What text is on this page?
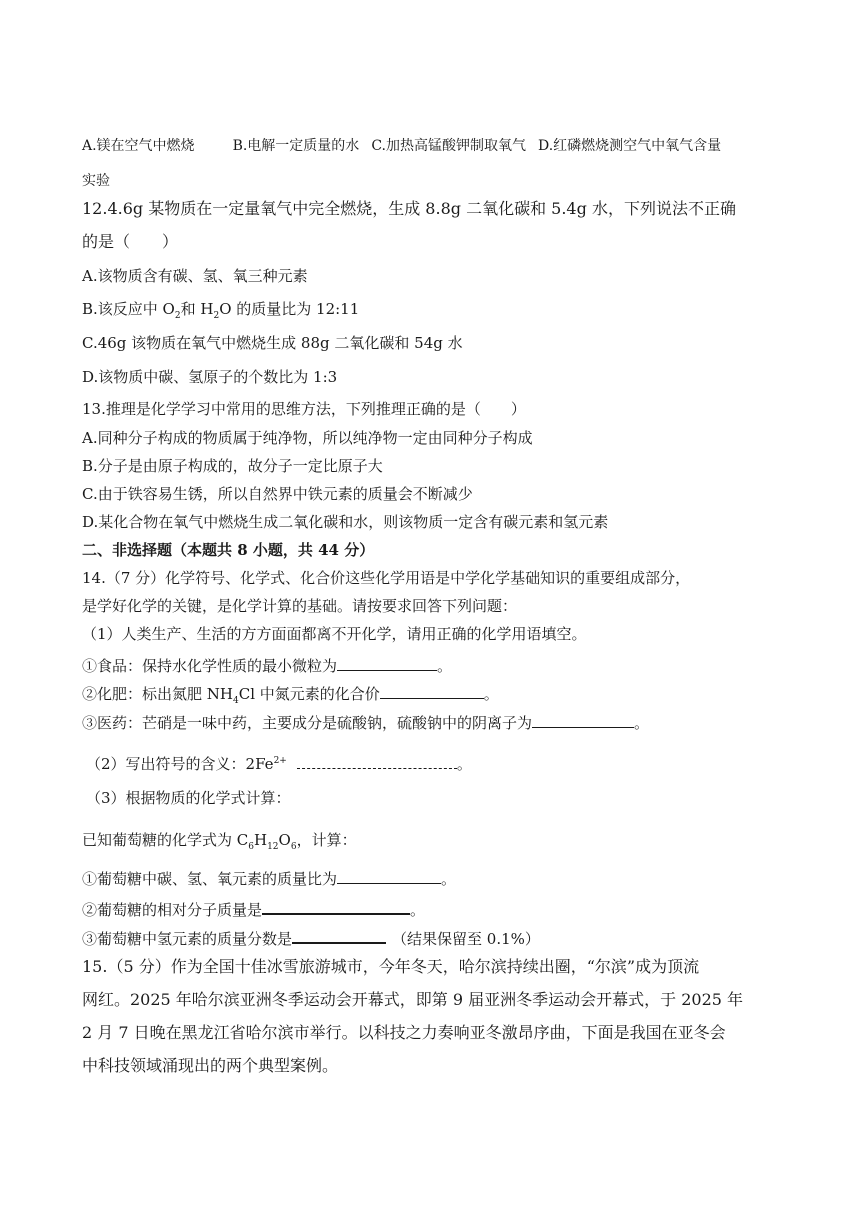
A.镁在空气中燃烧	B.电解一定质量的水 C.加热高锰酸钾制取氧气 D.红磷燃烧测空气中氧气含量
实验
12.4.6g 某物质在一定量氧气中完全燃烧，生成 8.8g 二氧化碳和 5.4g 水，下列说法不正确
的是（　　）
A.该物质含有碳、氢、氧三种元素
B.该反应中 $O_2$和 $H_2O$ 的质量比为 12:11
C.46g 该物质在氧气中燃烧生成 88g 二氧化碳和 54g 水
D.该物质中碳、氢原子的个数比为 1:3
13.推理是化学学习中常用的思维方法，下列推理正确的是（　　）
A.同种分子构成的物质属于纯净物，所以纯净物一定由同种分子构成
B.分子是由原子构成的，故分子一定比原子大
C.由于铁容易生锈，所以自然界中铁元素的质量会不断减少
D.某化合物在氧气中燃烧生成二氧化碳和水，则该物质一定含有碳元素和氢元素
二、非选择题（本题共 8 小题，共 44 分）
14.（7 分）化学符号、化学式、化合价这些化学用语是中学化学基础知识的重要组成部分，
是学好化学的关键，是化学计算的基础。请按要求回答下列问题：
（1）人类生产、生活的方方面面都离不开化学，请用正确的化学用语填空。
①食品：保持水化学性质的最小微粒为	。
②化肥：标出氮肥 $NH_4Cl$ 中氮元素的化合价	。
③医药：芒硝是一味中药，主要成分是硫酸钠，硫酸钠中的阴离子为	。
（2）写出符号的含义：$2Fe^{2+}$	。
（3）根据物质的化学式计算：
已知葡萄糖的化学式为 $C_6H_{12}O_6$，计算：
①葡萄糖中碳、氢、氧元素的质量比为	。
②葡萄糖的相对分子质量是	。
③葡萄糖中氢元素的质量分数是	（结果保留至 0.1%）
15.（5 分）作为全国十佳冰雪旅游城市，今年冬天，哈尔滨持续出圈，“尔滨”成为顶流
网红。2025 年哈尔滨亚洲冬季运动会开幕式，即第 9 届亚洲冬季运动会开幕式，于 2025 年
2 月 7 日晚在黑龙江省哈尔滨市举行。以科技之力奏响亚冬激昂序曲，下面是我国在亚冬会
中科技领域涌现出的两个典型案例。
